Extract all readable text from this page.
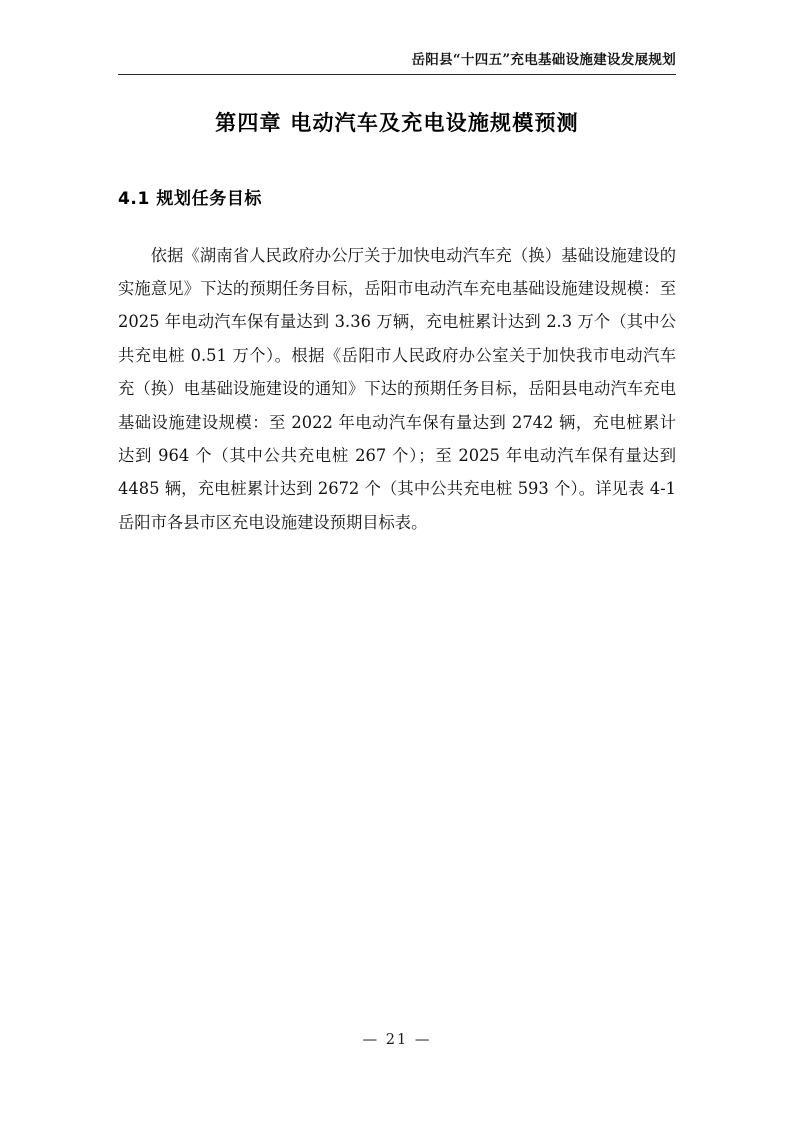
岳阳县“十四五”充电基础设施建设发展规划
第四章 电动汽车及充电设施规模预测
4.1 规划任务目标

依据《湖南省人民政府办公厅关于加快电动汽车充（换）基础设施建设的实施意见》下达的预期任务目标，岳阳市电动汽车充电基础设施建设规模：至 2025 年电动汽车保有量达到 3.36 万辆，充电桩累计达到 2.3 万个（其中公共充电桩 0.51 万个）。根据《岳阳市人民政府办公室关于加快我市电动汽车充（换）电基础设施建设的通知》下达的预期任务目标，岳阳县电动汽车充电基础设施建设规模：至 2022 年电动汽车保有量达到 2742 辆，充电桩累计达到 964 个（其中公共充电桩 267 个）；至 2025 年电动汽车保有量达到 4485 辆，充电桩累计达到 2672 个（其中公共充电桩 593 个）。详见表 4-1 岳阳市各县市区充电设施建设预期目标表。

— 21 —
